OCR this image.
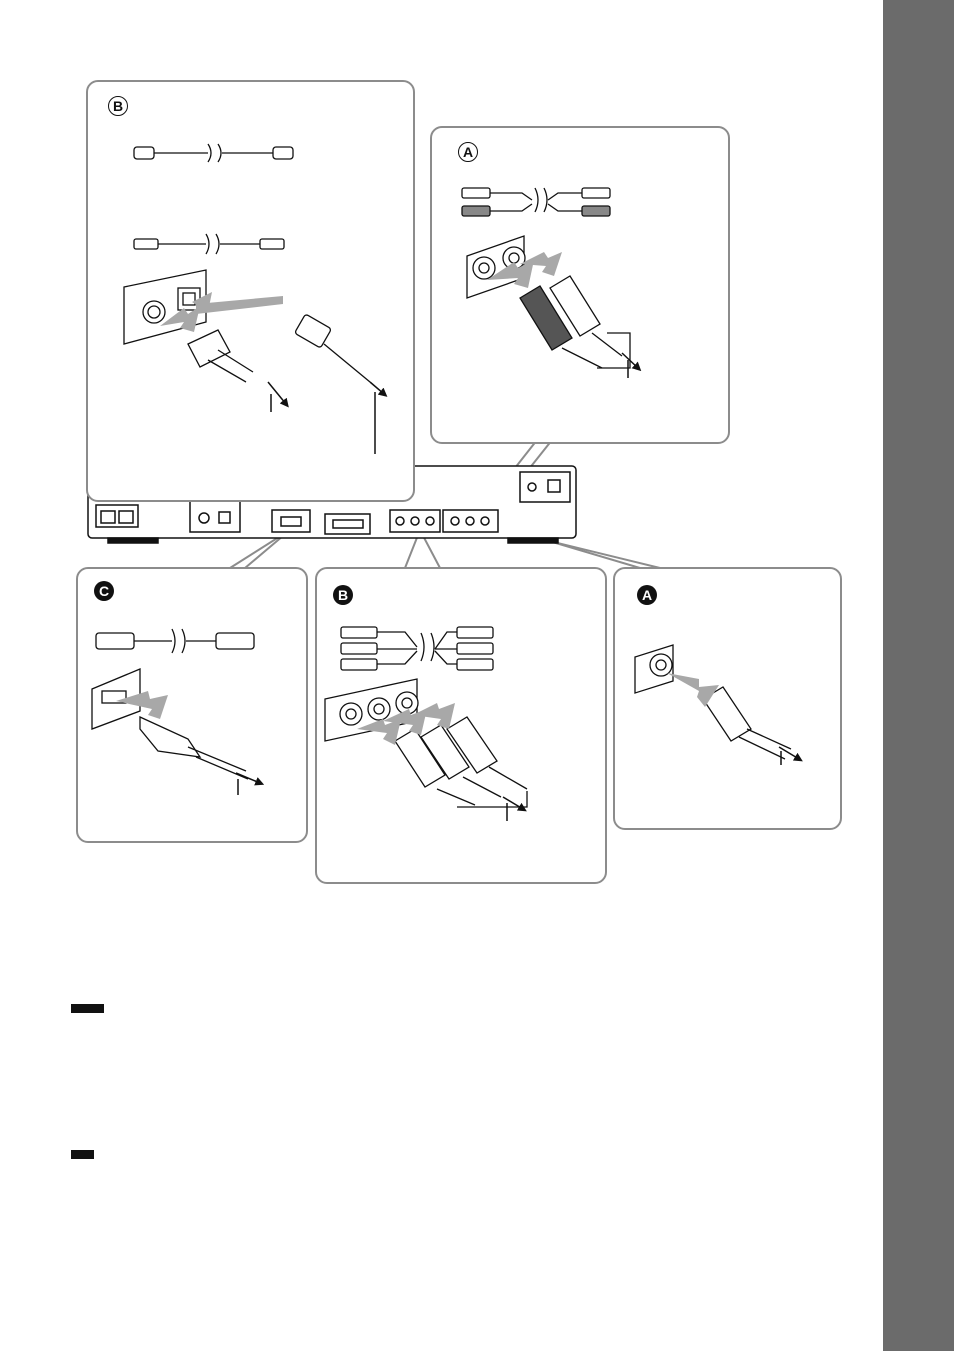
B
A
C	B	A
